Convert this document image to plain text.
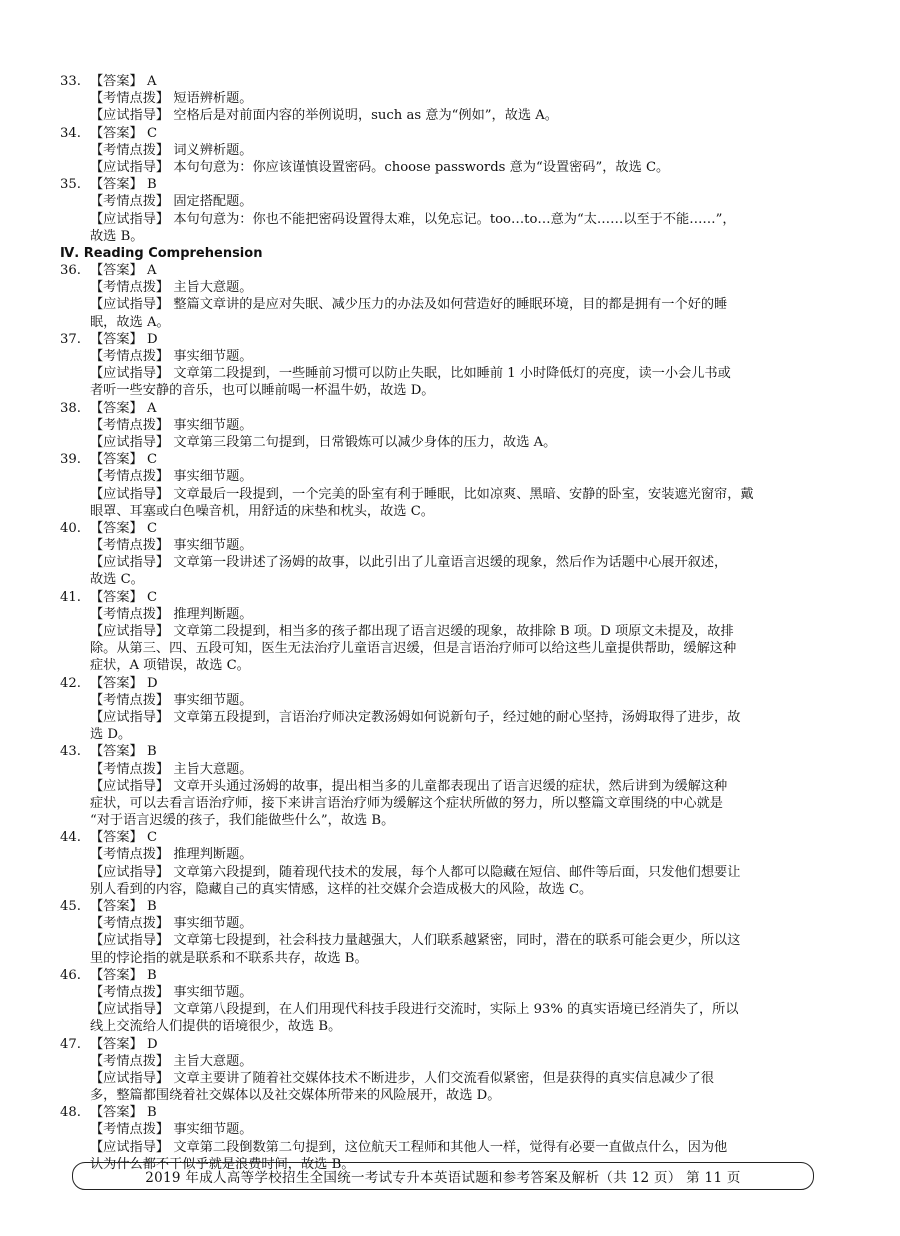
33. 【答案】 A
【考情点拨】 短语辨析题。
【应试指导】 空格后是对前面内容的举例说明，such as 意为“例如”，故选 A。
34. 【答案】 C
【考情点拨】 词义辨析题。
【应试指导】 本句句意为：你应该谨慎设置密码。choose passwords 意为“设置密码”，故选 C。
35. 【答案】 B
【考情点拨】 固定搭配题。
【应试指导】 本句句意为：你也不能把密码设置得太难，以免忘记。too…to…意为“太……以至于不能……”，
故选 B。
Ⅳ. Reading Comprehension
36. 【答案】 A
【考情点拨】 主旨大意题。
【应试指导】 整篇文章讲的是应对失眠、减少压力的办法及如何营造好的睡眠环境，目的都是拥有一个好的睡
眠，故选 A。
37. 【答案】 D
【考情点拨】 事实细节题。
【应试指导】 文章第二段提到，一些睡前习惯可以防止失眠，比如睡前 1 小时降低灯的亮度，读一小会儿书或
者听一些安静的音乐，也可以睡前喝一杯温牛奶，故选 D。
38. 【答案】 A
【考情点拨】 事实细节题。
【应试指导】 文章第三段第二句提到，日常锻炼可以减少身体的压力，故选 A。
39. 【答案】 C
【考情点拨】 事实细节题。
【应试指导】 文章最后一段提到，一个完美的卧室有利于睡眠，比如凉爽、黑暗、安静的卧室，安装遮光窗帘，戴
眼罩、耳塞或白色噪音机，用舒适的床垫和枕头，故选 C。
40. 【答案】 C
【考情点拨】 事实细节题。
【应试指导】 文章第一段讲述了汤姆的故事，以此引出了儿童语言迟缓的现象，然后作为话题中心展开叙述，
故选 C。
41. 【答案】 C
【考情点拨】 推理判断题。
【应试指导】 文章第二段提到，相当多的孩子都出现了语言迟缓的现象，故排除 B 项。D 项原文未提及，故排
除。从第三、四、五段可知，医生无法治疗儿童语言迟缓，但是言语治疗师可以给这些儿童提供帮助，缓解这种
症状，A 项错误，故选 C。
42. 【答案】 D
【考情点拨】 事实细节题。
【应试指导】 文章第五段提到，言语治疗师决定教汤姆如何说新句子，经过她的耐心坚持，汤姆取得了进步，故
选 D。
43. 【答案】 B
【考情点拨】 主旨大意题。
【应试指导】 文章开头通过汤姆的故事，提出相当多的儿童都表现出了语言迟缓的症状，然后讲到为缓解这种
症状，可以去看言语治疗师，接下来讲言语治疗师为缓解这个症状所做的努力，所以整篇文章围绕的中心就是
“对于语言迟缓的孩子，我们能做些什么”，故选 B。
44. 【答案】 C
【考情点拨】 推理判断题。
【应试指导】 文章第六段提到，随着现代技术的发展，每个人都可以隐藏在短信、邮件等后面，只发他们想要让
别人看到的内容，隐藏自己的真实情感，这样的社交媒介会造成极大的风险，故选 C。
45. 【答案】 B
【考情点拨】 事实细节题。
【应试指导】 文章第七段提到，社会科技力量越强大，人们联系越紧密，同时，潜在的联系可能会更少，所以这
里的悖论指的就是联系和不联系共存，故选 B。
46. 【答案】 B
【考情点拨】 事实细节题。
【应试指导】 文章第八段提到，在人们用现代科技手段进行交流时，实际上 93% 的真实语境已经消失了，所以
线上交流给人们提供的语境很少，故选 B。
47. 【答案】 D
【考情点拨】 主旨大意题。
【应试指导】 文章主要讲了随着社交媒体技术不断进步，人们交流看似紧密，但是获得的真实信息减少了很
多，整篇都围绕着社交媒体以及社交媒体所带来的风险展开，故选 D。
48. 【答案】 B
【考情点拨】 事实细节题。
【应试指导】 文章第二段倒数第二句提到，这位航天工程师和其他人一样，觉得有必要一直做点什么，因为他
认为什么都不干似乎就是浪费时间，故选 B。
2019 年成人高等学校招生全国统一考试专升本英语试题和参考答案及解析（共 12 页） 第 11 页
